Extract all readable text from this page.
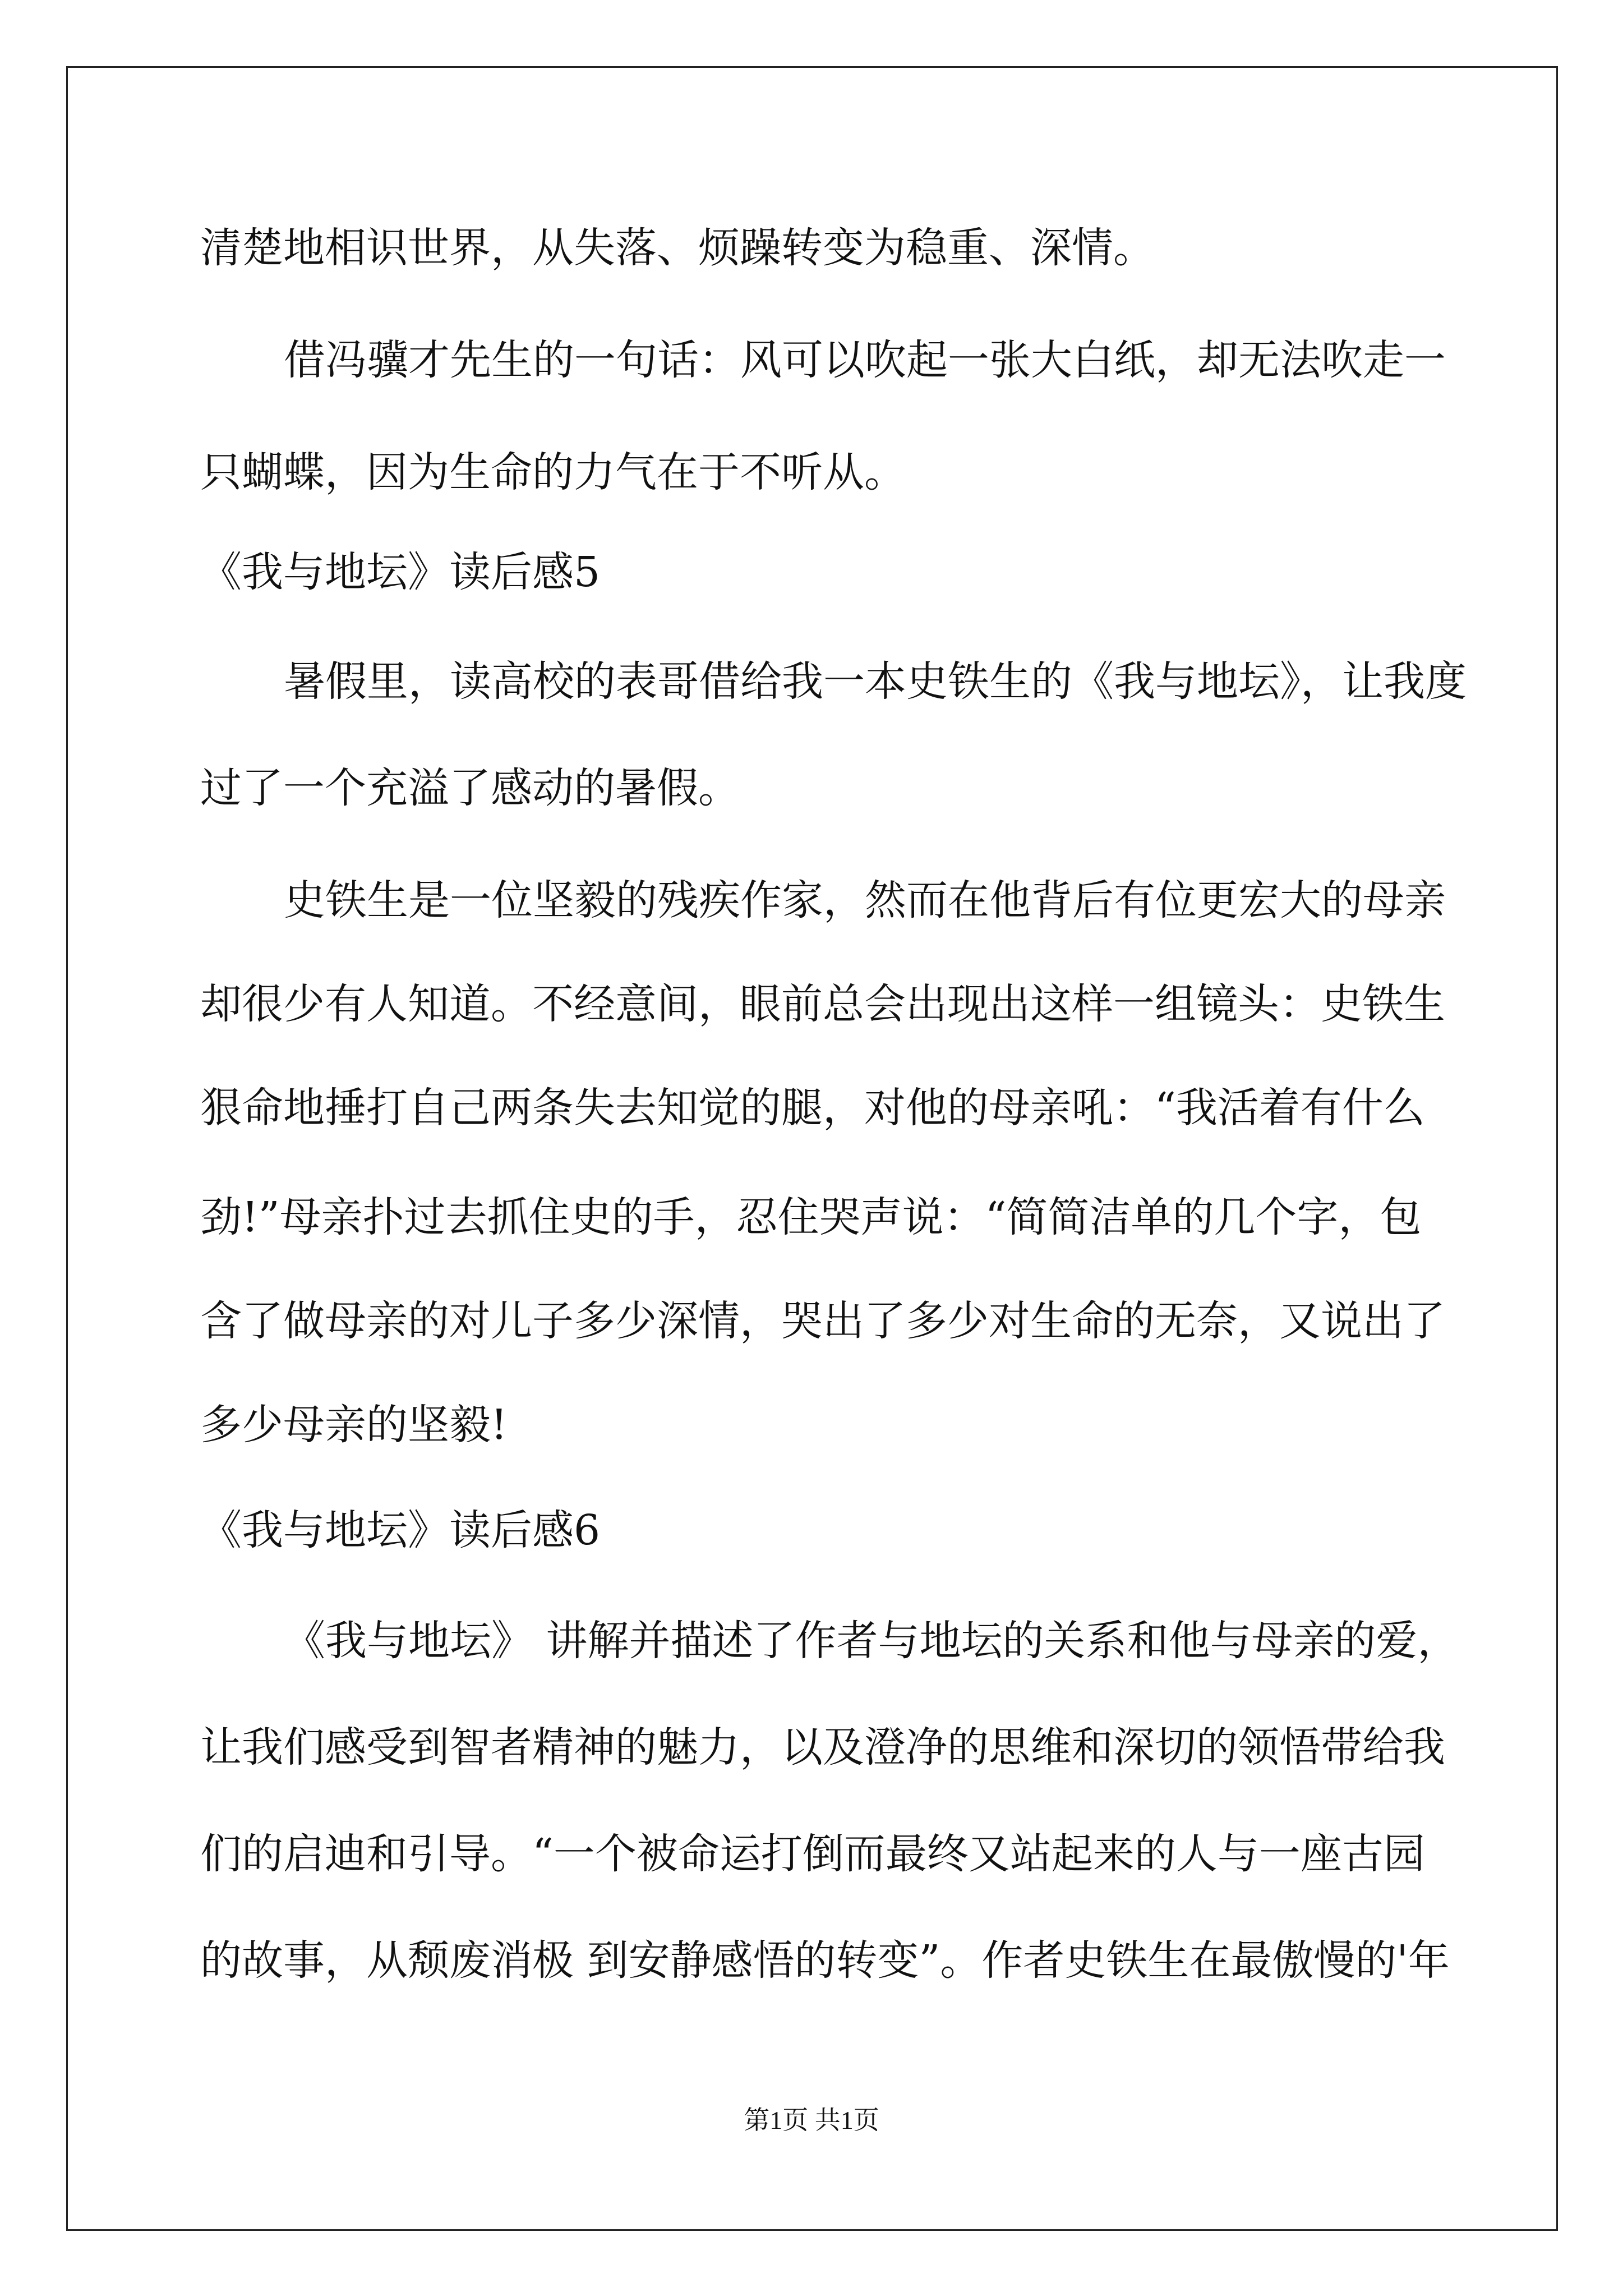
清楚地相识世界，从失落、烦躁转变为稳重、深情。

借冯骥才先生的一句话：风可以吹起一张大白纸，却无法吹走一

只蝴蝶，因为生命的力气在于不听从。

《我与地坛》读后感5

暑假里，读高校的表哥借给我一本史铁生的《我与地坛》，让我度

过了一个充溢了感动的暑假。

史铁生是一位坚毅的残疾作家，然而在他背后有位更宏大的母亲

却很少有人知道。不经意间，眼前总会出现出这样一组镜头：史铁生

狠命地捶打自己两条失去知觉的腿，对他的母亲吼：“我活着有什么

劲!”母亲扑过去抓住史的手，忍住哭声说：“简简洁单的几个字，包

含了做母亲的对儿子多少深情，哭出了多少对生命的无奈，又说出了

多少母亲的坚毅!

《我与地坛》读后感6

《我与地坛》 讲解并描述了作者与地坛的关系和他与母亲的爱，

让我们感受到智者精神的魅力，以及澄净的思维和深切的领悟带给我

们的启迪和引导。“一个被命运打倒而最终又站起来的人与一座古园

的故事，从颓废消极 到安静感悟的转变”。作者史铁生在最傲慢的'年

第1页 共1页
